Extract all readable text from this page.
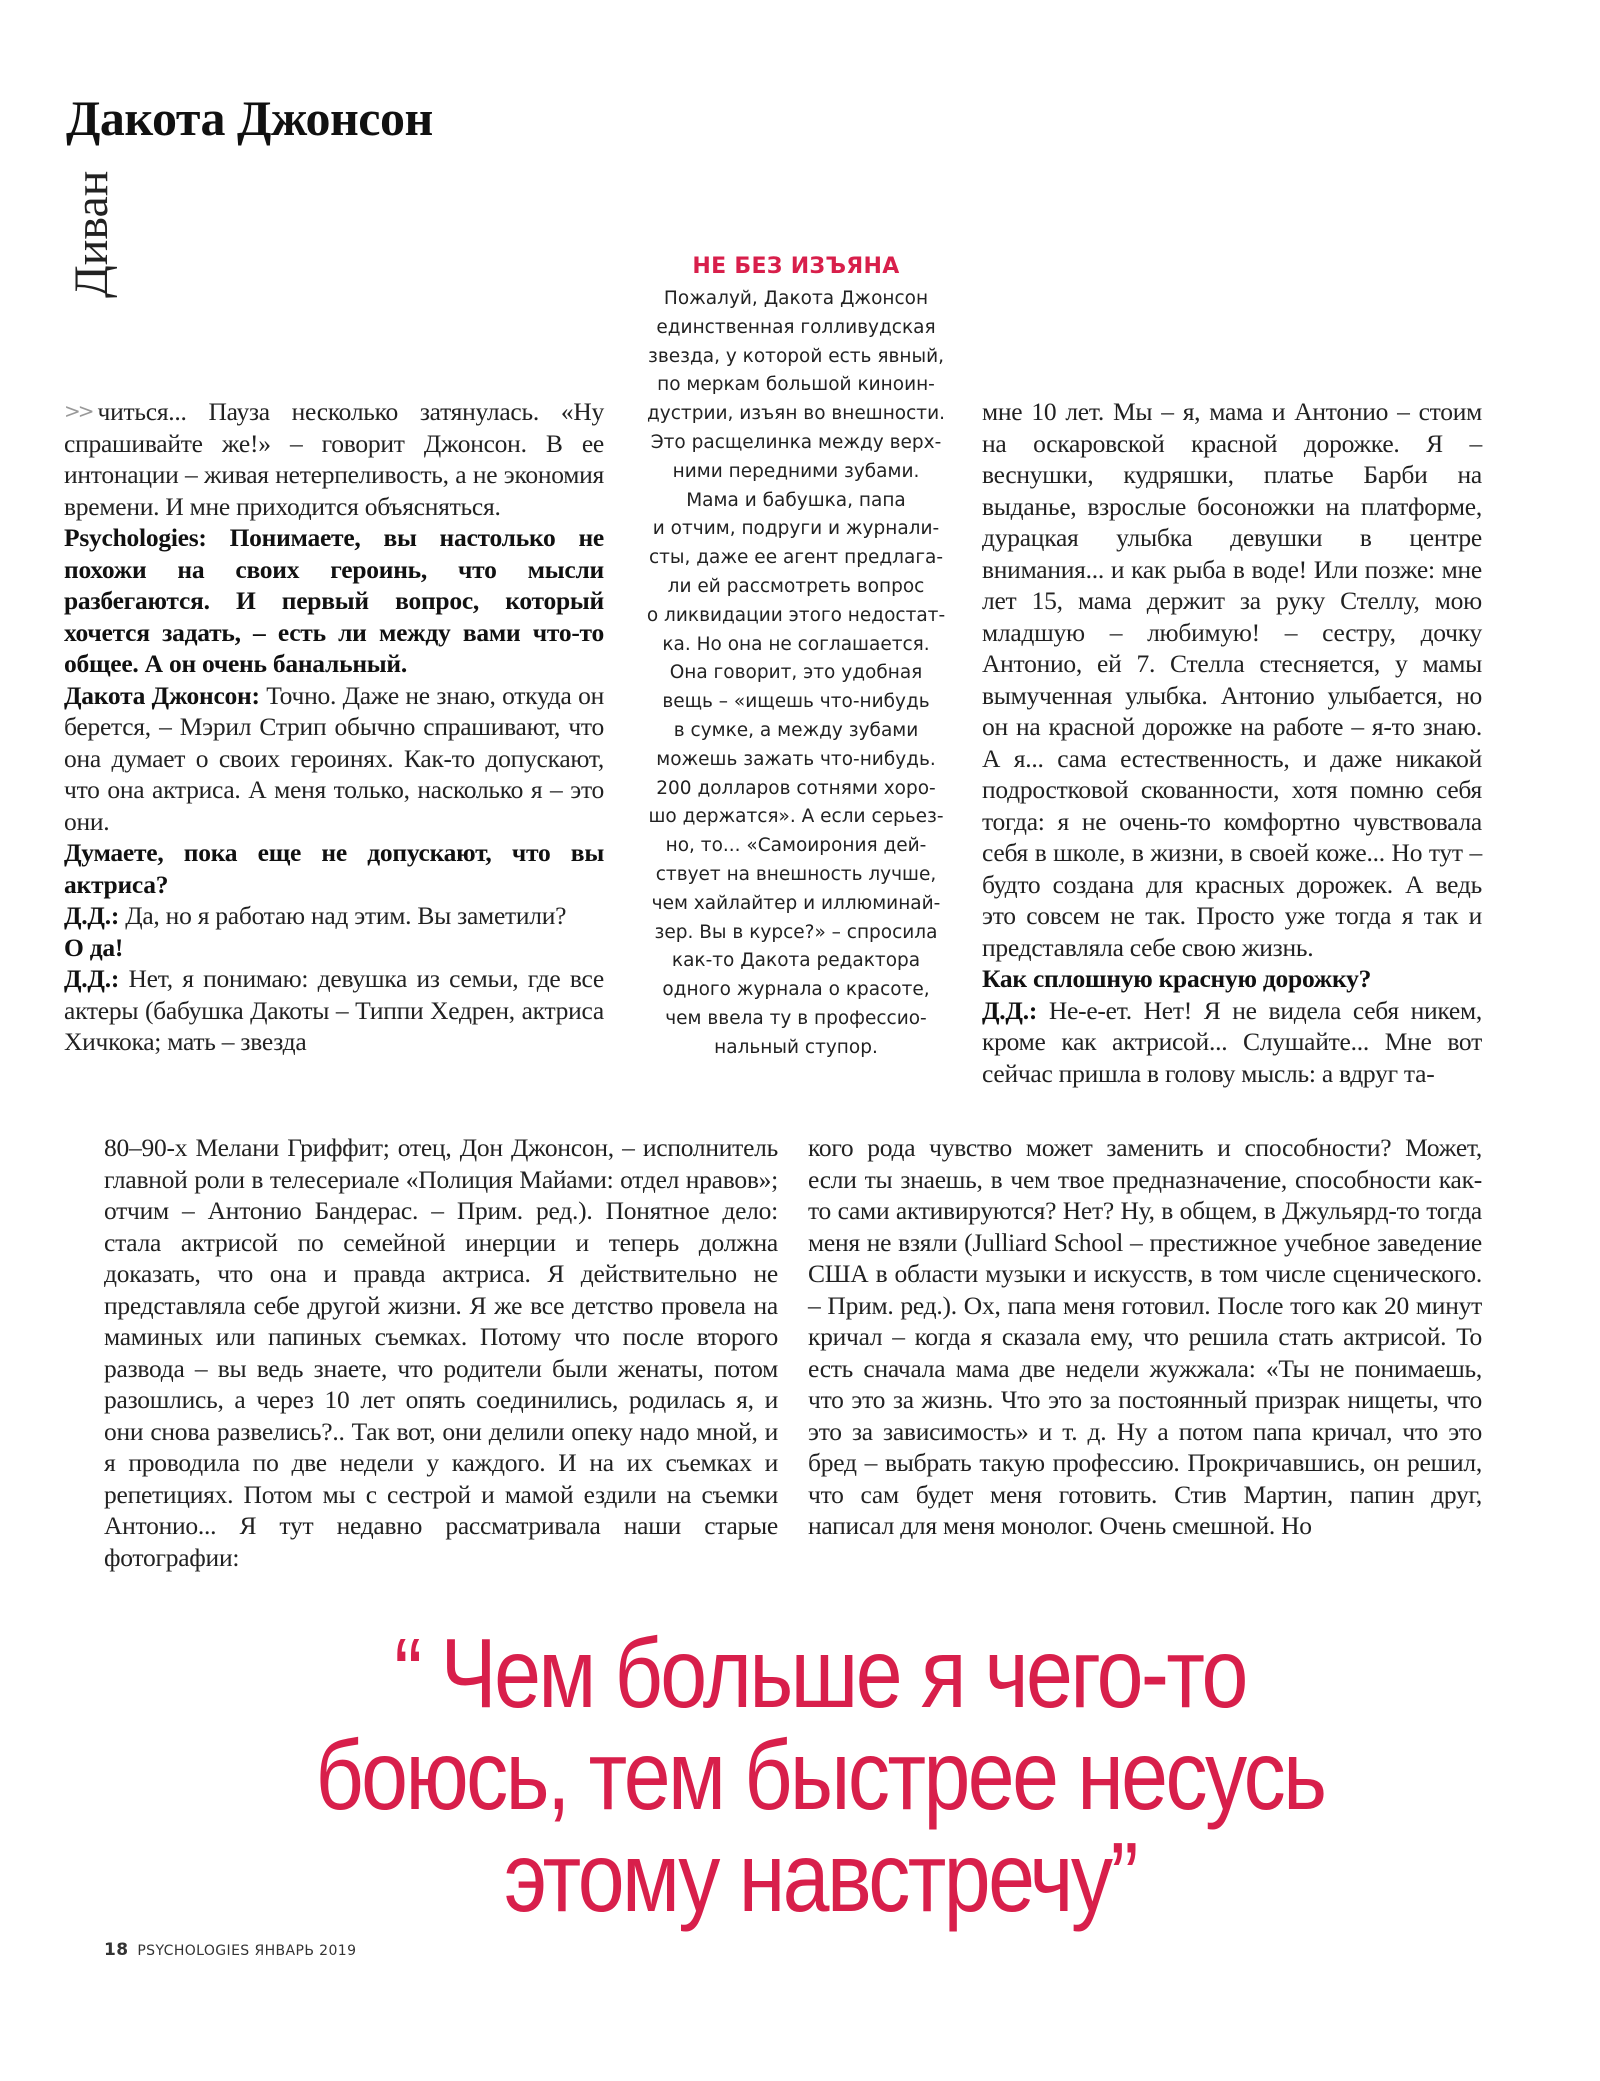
Дакота Джонсон
Диван

>> читься... Пауза несколько затянулась. «Ну спрашивайте же!» – говорит Джонсон. В ее интонации – живая нетерпеливость, а не экономия времени. И мне приходится объясняться.

Psychologies: Понимаете, вы настолько не похожи на своих героинь, что мысли разбегаются. И первый вопрос, который хочется задать, – есть ли между вами что-то общее. А он очень банальный.

Дакота Джонсон: Точно. Даже не знаю, откуда он берется, – Мэрил Стрип обычно спрашивают, что она думает о своих героинях. Как-то допускают, что она актриса. А меня только, насколько я – это они.

Думаете, пока еще не допускают, что вы актриса?

Д.Д.: Да, но я работаю над этим. Вы заметили?

О да!

Д.Д.: Нет, я понимаю: девушка из семьи, где все актеры (бабушка Дакоты – Типпи Хедрен, актриса Хичкока; мать – звезда

НЕ БЕЗ ИЗЪЯНА
Пожалуй, Дакота Джонсон
единственная голливудская
звезда, у которой есть явный,
по меркам большой киноин-
дустрии, изъян во внешности.
Это расщелинка между верх-
ними передними зубами.
Мама и бабушка, папа
и отчим, подруги и журнали-
сты, даже ее агент предлага-
ли ей рассмотреть вопрос
о ликвидации этого недостат-
ка. Но она не соглашается.
Она говорит, это удобная
вещь – «ищешь что-нибудь
в сумке, а между зубами
можешь зажать что-нибудь.
200 долларов сотнями хоро-
шо держатся». А если серьез-
но, то... «Самоирония дей-
ствует на внешность лучше,
чем хайлайтер и иллюминай-
зер. Вы в курсе?» – спросила
как-то Дакота редактора
одного журнала о красоте,
чем ввела ту в профессио-
нальный ступор.

мне 10 лет. Мы – я, мама и Антонио – стоим на оскаровской красной дорожке. Я – веснушки, кудряшки, платье Барби на выданье, взрослые босоножки на платформе, дурацкая улыбка девушки в центре внимания... и как рыба в воде! Или позже: мне лет 15, мама держит за руку Стеллу, мою младшую – любимую! – сестру, дочку Антонио, ей 7. Стелла стесняется, у мамы вымученная улыбка. Антонио улыбается, но он на красной дорожке на работе – я-то знаю. А я... сама естественность, и даже никакой подростковой скованности, хотя помню себя тогда: я не очень-то комфортно чувствовала себя в школе, в жизни, в своей коже... Но тут – будто создана для красных дорожек. А ведь это совсем не так. Просто уже тогда я так и представляла себе свою жизнь.

Как сплошную красную дорожку?

Д.Д.: Не-е-ет. Нет! Я не видела себя никем, кроме как актрисой... Слушайте... Мне вот сейчас пришла в голову мысль: а вдруг та-

80–90-х Мелани Гриффит; отец, Дон Джонсон, – исполнитель главной роли в телесериале «Полиция Майами: отдел нравов»; отчим – Антонио Бандерас. – Прим. ред.). Понятное дело: стала актрисой по семейной инерции и теперь должна доказать, что она и правда актриса. Я действительно не представляла себе другой жизни. Я же все детство провела на маминых или папиных съемках. Потому что после второго развода – вы ведь знаете, что родители были женаты, потом разошлись, а через 10 лет опять соединились, родилась я, и они снова развелись?.. Так вот, они делили опеку надо мной, и я проводила по две недели у каждого. И на их съемках и репетициях. Потом мы с сестрой и мамой ездили на съемки Антонио... Я тут недавно рассматривала наши старые фотографии:

кого рода чувство может заменить и способности? Может, если ты знаешь, в чем твое предназначение, способности как-то сами активируются? Нет? Ну, в общем, в Джульярд-то тогда меня не взяли (Julliard School – престижное учебное заведение США в области музыки и искусств, в том числе сценического. – Прим. ред.). Ох, папа меня готовил. После того как 20 минут кричал – когда я сказала ему, что решила стать актрисой. То есть сначала мама две недели жужжала: «Ты не понимаешь, что это за жизнь. Что это за постоянный призрак нищеты, что это за зависимость» и т. д. Ну а потом папа кричал, что это бред – выбрать такую профессию. Прокричавшись, он решил, что сам будет меня готовить. Стив Мартин, папин друг, написал для меня монолог. Очень смешной. Но

“ Чем больше я чего-то
боюсь, тем быстрее несусь
этому навстречу”
18 PSYCHOLOGIES ЯНВАРЬ 2019
